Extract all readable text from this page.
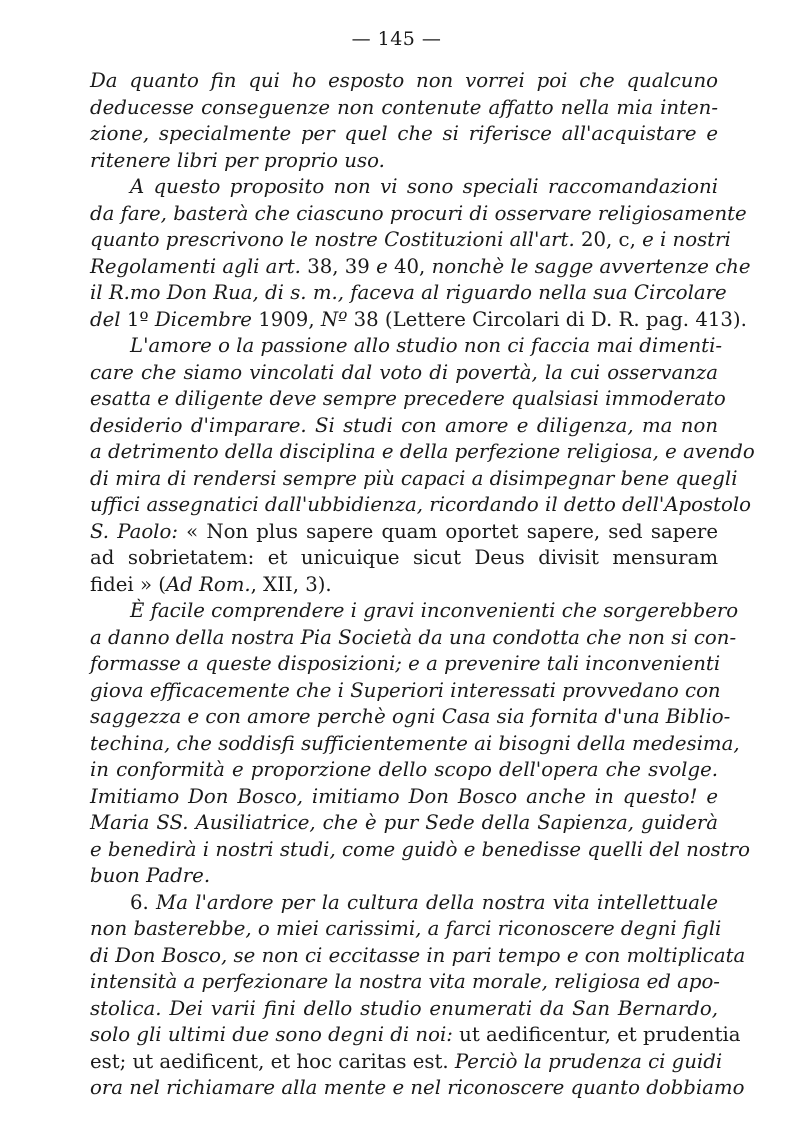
— 145 —
Da quanto fin qui ho esposto non vorrei poi che qualcuno
deducesse conseguenze non contenute affatto nella mia inten-
zione, specialmente per quel che si riferisce all'acquistare e
ritenere libri per proprio uso.
A questo proposito non vi sono speciali raccomandazioni
da fare, basterà che ciascuno procuri di osservare religiosamente
quanto prescrivono le nostre Costituzioni all'art. 20, c, e i nostri
Regolamenti agli art. 38, 39 e 40, nonchè le sagge avvertenze che
il R.mo Don Rua, di s. m., faceva al riguardo nella sua Circolare
del 1º Dicembre 1909, Nº 38 (Lettere Circolari di D. R. pag. 413).
L'amore o la passione allo studio non ci faccia mai dimenti-
care che siamo vincolati dal voto di povertà, la cui osservanza
esatta e diligente deve sempre precedere qualsiasi immoderato
desiderio d'imparare. Si studi con amore e diligenza, ma non
a detrimento della disciplina e della perfezione religiosa, e avendo
di mira di rendersi sempre più capaci a disimpegnar bene quegli
uffici assegnatici dall'ubbidienza, ricordando il detto dell'Apostolo
S. Paolo: « Non plus sapere quam oportet sapere, sed sapere
ad sobrietatem: et unicuique sicut Deus divisit mensuram
fidei » (Ad Rom., XII, 3).
È facile comprendere i gravi inconvenienti che sorgerebbero
a danno della nostra Pia Società da una condotta che non si con-
formasse a queste disposizioni; e a prevenire tali inconvenienti
giova efficacemente che i Superiori interessati provvedano con
saggezza e con amore perchè ogni Casa sia fornita d'una Biblio-
techina, che soddisfi sufficientemente ai bisogni della medesima,
in conformità e proporzione dello scopo dell'opera che svolge.
Imitiamo Don Bosco, imitiamo Don Bosco anche in questo! e
Maria SS. Ausiliatrice, che è pur Sede della Sapienza, guiderà
e benedirà i nostri studi, come guidò e benedisse quelli del nostro
buon Padre.
6. Ma l'ardore per la cultura della nostra vita intellettuale
non basterebbe, o miei carissimi, a farci riconoscere degni figli
di Don Bosco, se non ci eccitasse in pari tempo e con moltiplicata
intensità a perfezionare la nostra vita morale, religiosa ed apo-
stolica. Dei varii fini dello studio enumerati da San Bernardo,
solo gli ultimi due sono degni di noi: ut aedificentur, et prudentia
est; ut aedificent, et hoc caritas est. Perciò la prudenza ci guidi
ora nel richiamare alla mente e nel riconoscere quanto dobbiamo
